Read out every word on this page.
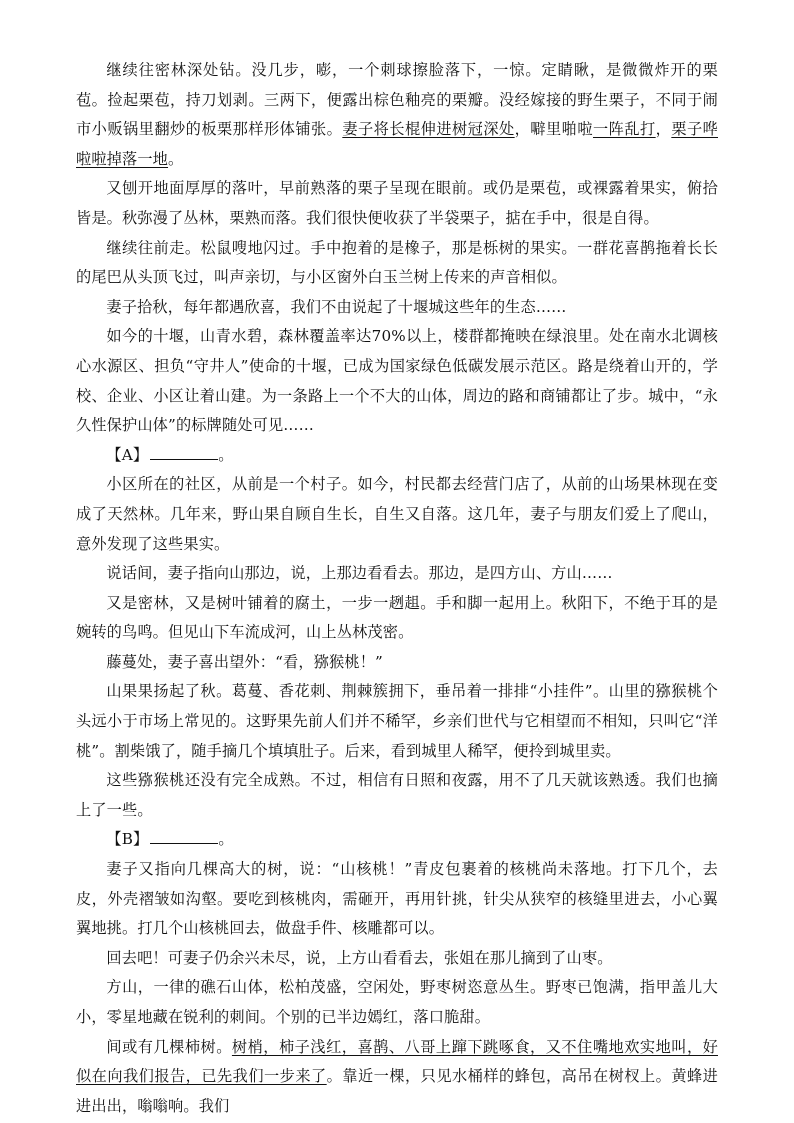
继续往密林深处钻。没几步，嘭，一个刺球擦脸落下，一惊。定睛瞅，是微微炸开的栗苞。捡起栗苞，持刀划剥。三两下，便露出棕色釉亮的栗瓣。没经嫁接的野生栗子，不同于闹市小贩锅里翻炒的板栗那样形体铺张。妻子将长棍伸进树冠深处，噼里啪啦一阵乱打，栗子哗啦啦掉落一地。

又刨开地面厚厚的落叶，早前熟落的栗子呈现在眼前。或仍是栗苞，或裸露着果实，俯拾皆是。秋弥漫了丛林，栗熟而落。我们很快便收获了半袋栗子，掂在手中，很是自得。

继续往前走。松鼠嗖地闪过。手中抱着的是橡子，那是栎树的果实。一群花喜鹊拖着长长的尾巴从头顶飞过，叫声亲切，与小区窗外白玉兰树上传来的声音相似。

妻子拾秋，每年都遇欣喜，我们不由说起了十堰城这些年的生态……

如今的十堰，山青水碧，森林覆盖率达70%以上，楼群都掩映在绿浪里。处在南水北调核心水源区、担负“守井人”使命的十堰，已成为国家绿色低碳发展示范区。路是绕着山开的，学校、企业、小区让着山建。为一条路上一个不大的山体，周边的路和商铺都让了步。城中，“永久性保护山体”的标牌随处可见……

【A】	。

小区所在的社区，从前是一个村子。如今，村民都去经营门店了，从前的山场果林现在变成了天然林。几年来，野山果自顾自生长，自生又自落。这几年，妻子与朋友们爱上了爬山，意外发现了这些果实。

说话间，妻子指向山那边，说，上那边看看去。那边，是四方山、方山……

又是密林，又是树叶铺着的腐土，一步一趔趄。手和脚一起用上。秋阳下，不绝于耳的是婉转的鸟鸣。但见山下车流成河，山上丛林茂密。

藤蔓处，妻子喜出望外：“看，猕猴桃！”

山果果扬起了秋。葛蔓、香花刺、荆棘簇拥下，垂吊着一排排“小挂件”。山里的猕猴桃个头远小于市场上常见的。这野果先前人们并不稀罕，乡亲们世代与它相望而不相知，只叫它“洋桃”。割柴饿了，随手摘几个填填肚子。后来，看到城里人稀罕，便拎到城里卖。

这些猕猴桃还没有完全成熟。不过，相信有日照和夜露，用不了几天就该熟透。我们也摘上了一些。

【B】	。

妻子又指向几棵高大的树，说：“山核桃！”青皮包裹着的核桃尚未落地。打下几个，去皮，外壳褶皱如沟壑。要吃到核桃肉，需砸开，再用针挑，针尖从狭窄的核缝里进去，小心翼翼地挑。打几个山核桃回去，做盘手件、核雕都可以。

回去吧！可妻子仍余兴未尽，说，上方山看看去，张姐在那儿摘到了山枣。

方山，一律的礁石山体，松柏茂盛，空闲处，野枣树恣意丛生。野枣已饱满，指甲盖儿大小，零星地藏在锐利的刺间。个别的已半边嫣红，落口脆甜。

间或有几棵柿树。树梢，柿子浅红，喜鹊、八哥上蹿下跳啄食，又不住嘴地欢实地叫，好似在向我们报告，已先我们一步来了。靠近一棵，只见水桶样的蜂包，高吊在树杈上。黄蜂进进出出，嗡嗡响。我们
